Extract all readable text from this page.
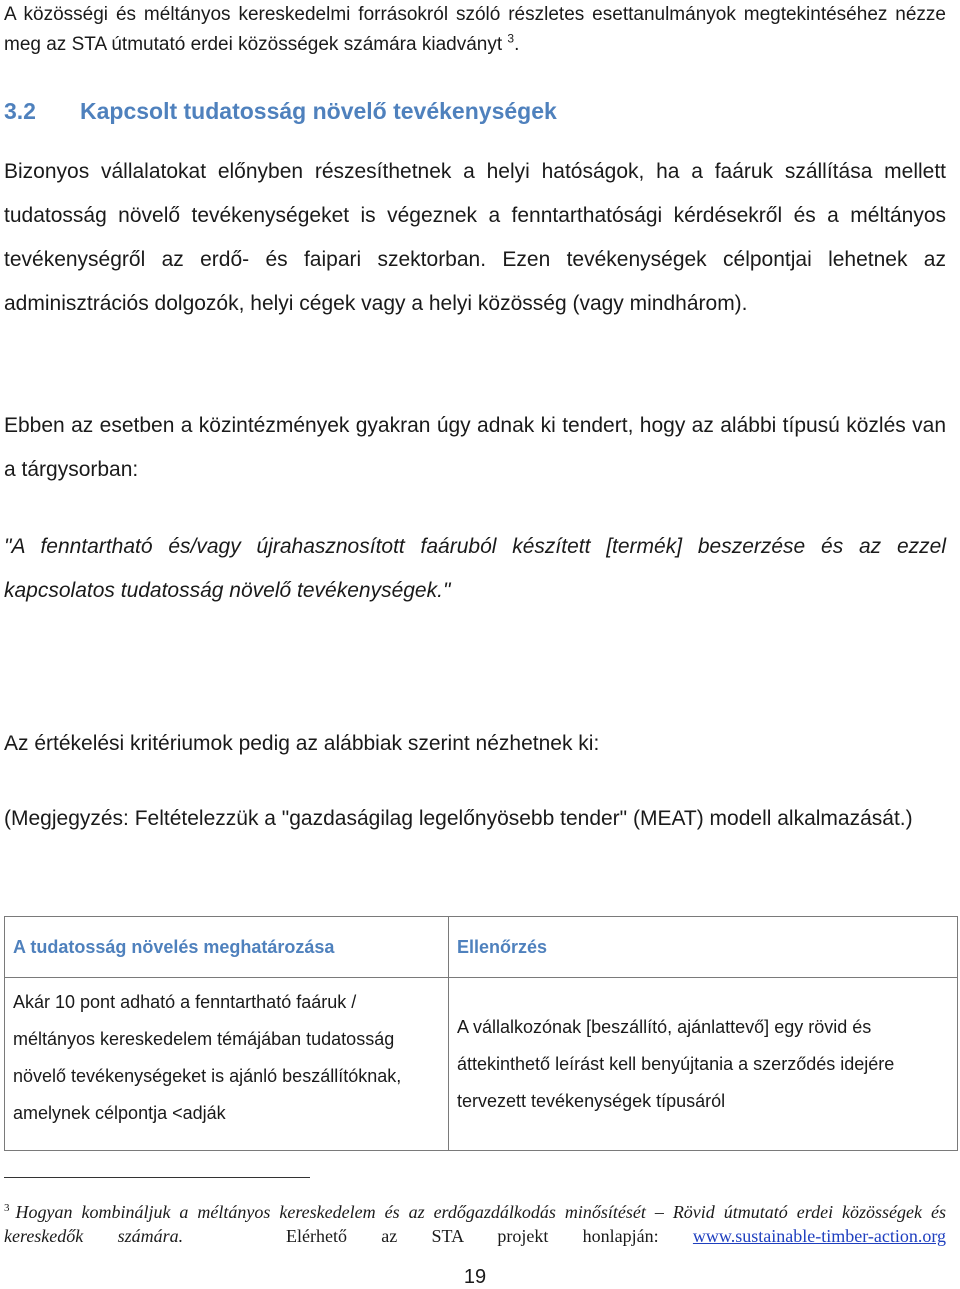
A közösségi és méltányos kereskedelmi forrásokról szóló részletes esettanulmányok megtekintéséhez nézze meg az STA útmutató erdei közösségek számára kiadványt $^3$.
3.2 Kapcsolt tudatosság növelő tevékenységek
Bizonyos vállalatokat előnyben részesíthetnek a helyi hatóságok, ha a faáruk szállítása mellett tudatosság növelő tevékenységeket is végeznek a fenntarthatósági kérdésekről és a méltányos tevékenységről az erdő- és faipari szektorban. Ezen tevékenységek célpontjai lehetnek az adminisztrációs dolgozók, helyi cégek vagy a helyi közösség (vagy mindhárom).
Ebben az esetben a közintézmények gyakran úgy adnak ki tendert, hogy az alábbi típusú közlés van a tárgysorban:
"A fenntartható és/vagy újrahasznosított faáruból készített [termék] beszerzése és az ezzel kapcsolatos tudatosság növelő tevékenységek."
Az értékelési kritériumok pedig az alábbiak szerint nézhetnek ki:
(Megjegyzés: Feltételezzük a "gazdaságilag legelőnyösebb tender" (MEAT) modell alkalmazását.)
A tudatosság növelés meghatározása	Ellenőrzés
Akár 10 pont adható a fenntartható faáruk / méltányos kereskedelem témájában tudatosság növelő tevékenységeket is ajánló beszállítóknak, amelynek célpontja <adják	A vállalkozónak [beszállító, ajánlattevő] egy rövid és áttekinthető leírást kell benyújtania a szerződés idejére tervezett tevékenységek típusáról
$^3$ Hogyan kombináljuk a méltányos kereskedelem és az erdőgazdálkodás minősítését – Rövid útmutató erdei közösségek és kereskedők számára.	Elérhető az STA projekt honlapján: www.sustainable-timber-action.org
19
